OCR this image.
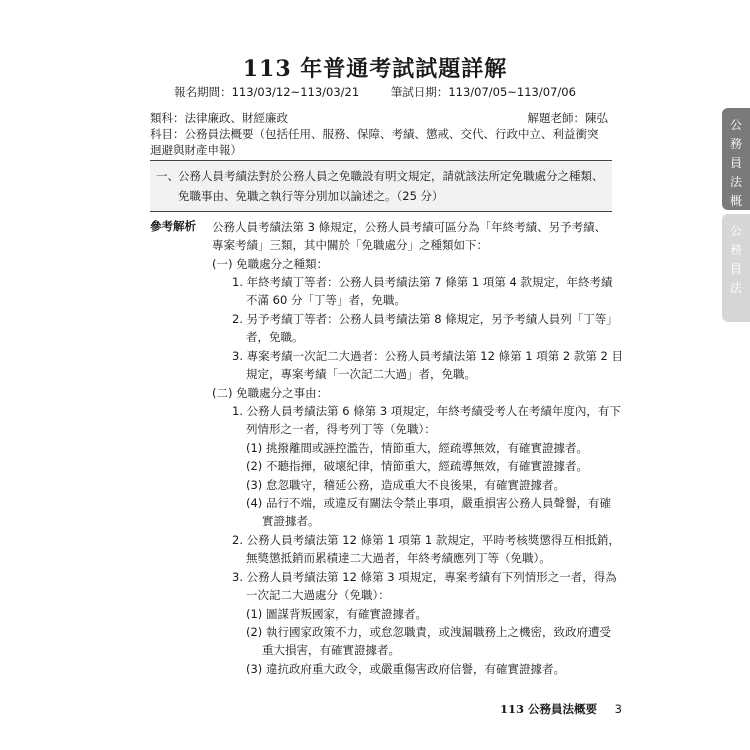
113 年普通考試試題詳解
報名期間：113/03/12~113/03/21	筆試日期：113/07/05~113/07/06
類科：法律廉政、財經廉政	解題老師：陳弘
科目：公務員法概要（包括任用、服務、保障、考績、懲戒、交代、行政中立、利益衝突
迴避與財產申報）
一、 公務人員考績法對於公務人員之免職設有明文規定，請就該法所定免職處分之種類、
免職事由、免職之執行等分別加以論述之。（25 分）
參考解析 公務人員考績法第 3 條規定，公務人員考績可區分為「年終考績、另予考績、
專案考績」三類，其中關於「免職處分」之種類如下：
(一) 免職處分之種類：
1. 年終考績丁等者：公務人員考績法第 7 條第 1 項第 4 款規定，年終考績
不滿 60 分「丁等」者，免職。
2. 另予考績丁等者：公務人員考績法第 8 條規定，另予考績人員列「丁等」
者，免職。
3. 專案考績一次記二大過者：公務人員考績法第 12 條第 1 項第 2 款第 2 目
規定，專案考績「一次記二大過」者，免職。
(二) 免職處分之事由：
1. 公務人員考績法第 6 條第 3 項規定，年終考績受考人在考績年度內，有下
列情形之一者，得考列丁等（免職）：
(1) 挑撥離間或誣控濫告，情節重大，經疏導無效，有確實證據者。
(2) 不聽指揮，破壞紀律，情節重大，經疏導無效，有確實證據者。
(3) 怠忽職守，稽延公務，造成重大不良後果，有確實證據者。
(4) 品行不端，或違反有關法令禁止事項，嚴重損害公務人員聲譽，有確
實證據者。
2. 公務人員考績法第 12 條第 1 項第 1 款規定，平時考核獎懲得互相抵銷，
無獎懲抵銷而累積達二大過者，年終考績應列丁等（免職）。
3. 公務人員考績法第 12 條第 3 項規定，專案考績有下列情形之一者，得為
一次記二大過處分（免職）：
(1) 圖謀背叛國家，有確實證據者。
(2) 執行國家政策不力，或怠忽職責，或洩漏職務上之機密，致政府遭受
重大損害，有確實證據者。
(3) 違抗政府重大政令，或嚴重傷害政府信譽，有確實證據者。
公
務
員
法
概
公
務
員
法
113 公務員法概要 3
